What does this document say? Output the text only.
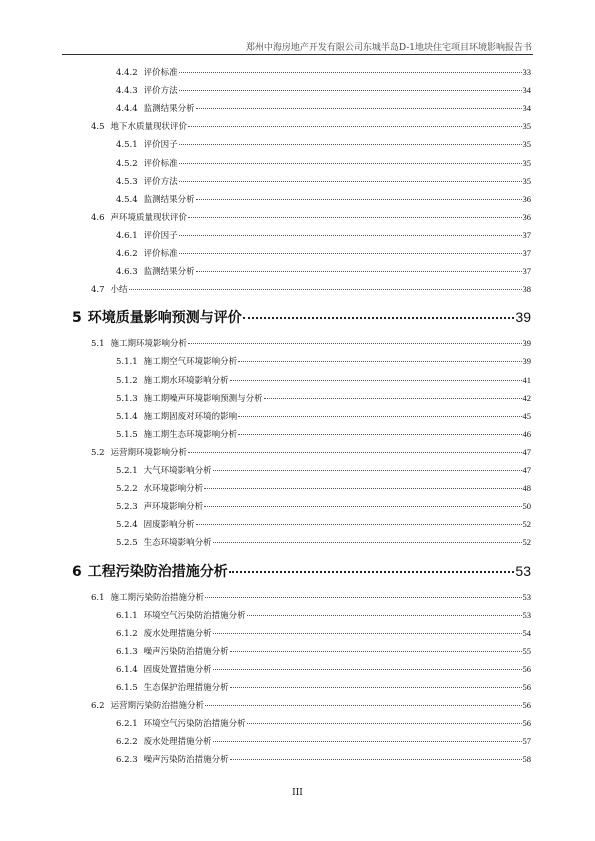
郑州中海房地产开发有限公司东城半岛D-1地块住宅项目环境影响报告书
4.4.2 评价标准	33
4.4.3 评价方法	34
4.4.4 监测结果分析	34
4.5 地下水质量现状评价	35
4.5.1 评价因子	35
4.5.2 评价标准	35
4.5.3 评价方法	35
4.5.4 监测结果分析	36
4.6 声环境质量现状评价	36
4.6.1 评价因子	37
4.6.2 评价标准	37
4.6.3 监测结果分析	37
4.7 小结	38
5 环境质量影响预测与评价	39
5.1 施工期环境影响分析	39
5.1.1 施工期空气环境影响分析	39
5.1.2 施工期水环境影响分析	41
5.1.3 施工期噪声环境影响预测与分析	42
5.1.4 施工期固废对环境的影响	45
5.1.5 施工期生态环境影响分析	46
5.2 运营期环境影响分析	47
5.2.1 大气环境影响分析	47
5.2.2 水环境影响分析	48
5.2.3 声环境影响分析	50
5.2.4 固废影响分析	52
5.2.5 生态环境影响分析	52
6 工程污染防治措施分析	53
6.1 施工期污染防治措施分析	53
6.1.1 环境空气污染防治措施分析	53
6.1.2 废水处理措施分析	54
6.1.3 噪声污染防治措施分析	55
6.1.4 固废处置措施分析	56
6.1.5 生态保护治理措施分析	56
6.2 运营期污染防治措施分析	56
6.2.1 环境空气污染防治措施分析	56
6.2.2 废水处理措施分析	57
6.2.3 噪声污染防治措施分析	58
III
